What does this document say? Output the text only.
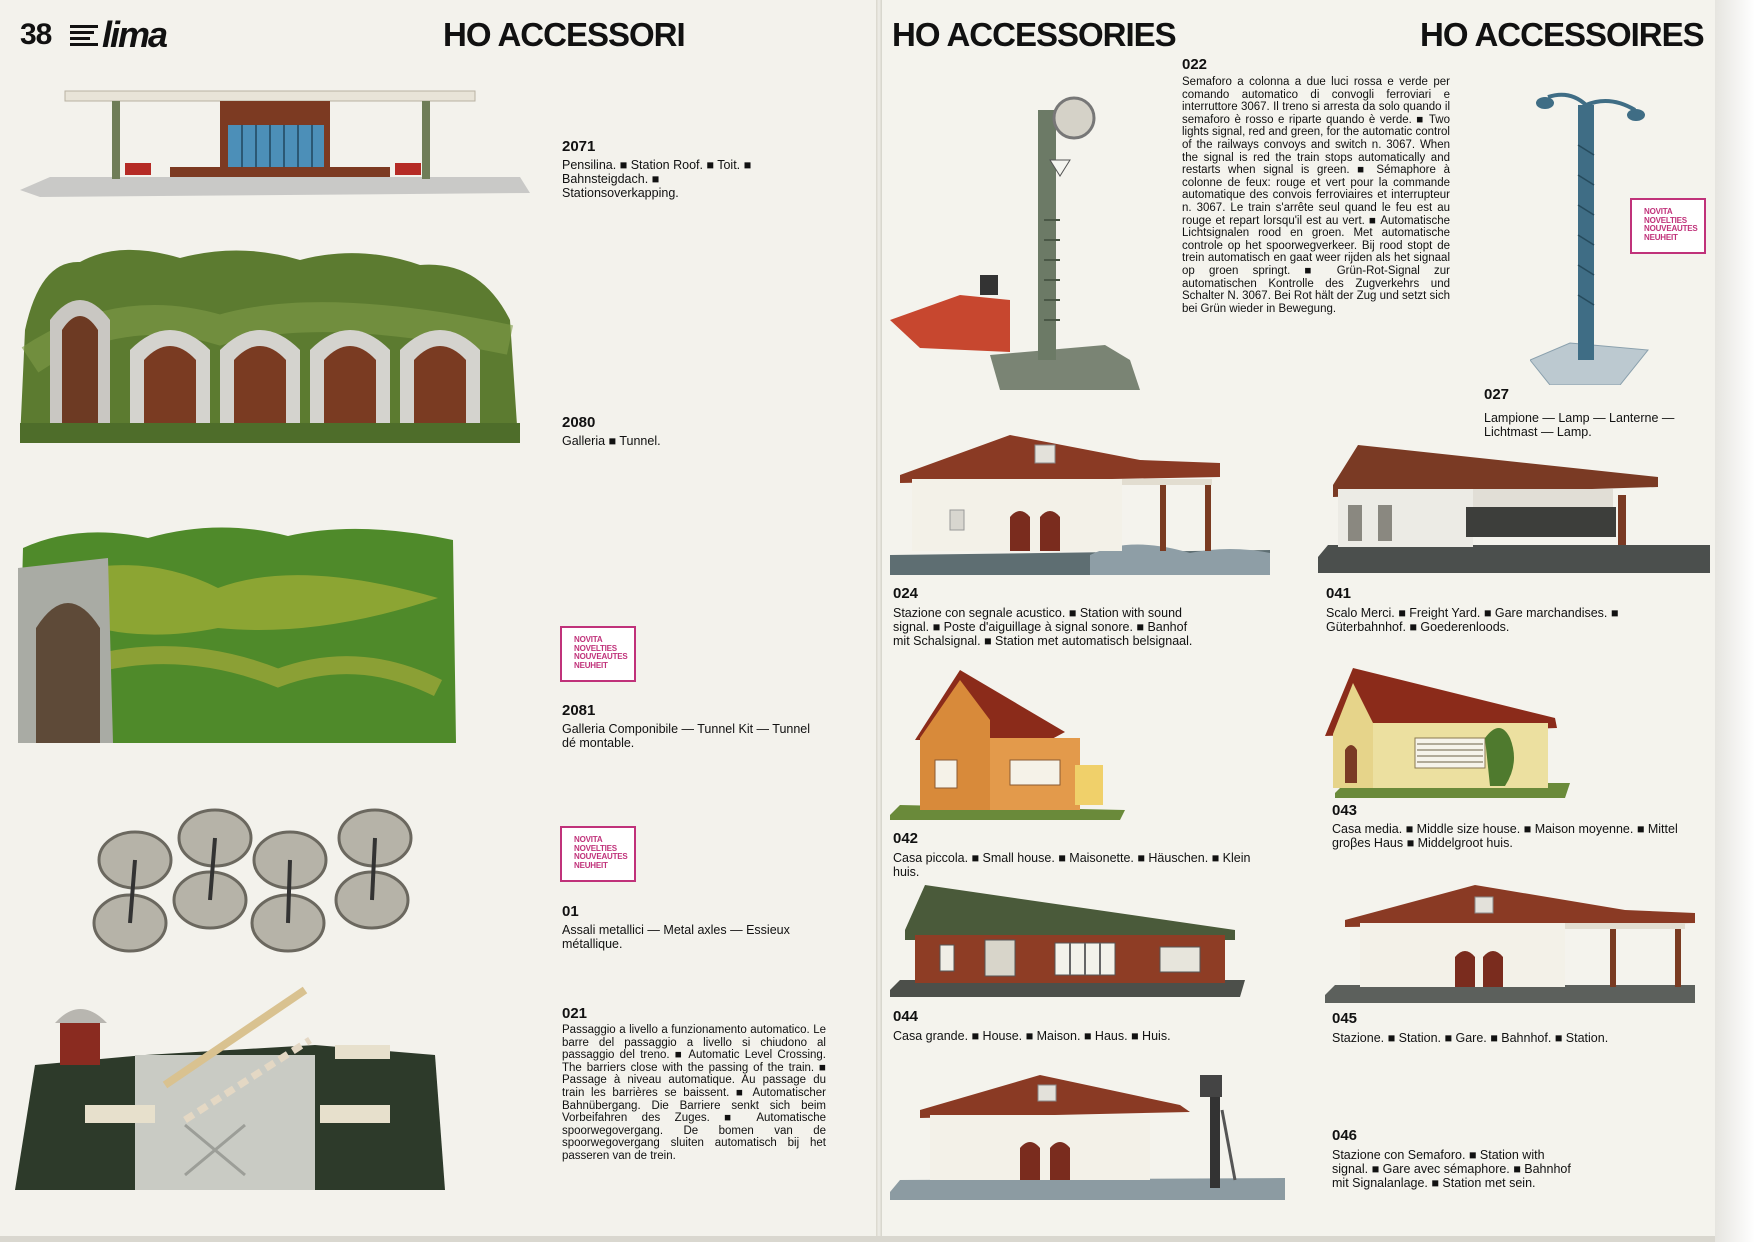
38 lima	HO ACCESSORI	HO ACCESSORIES	HO ACCESSOIRES
2071
Pensilina. ■ Station Roof. ■ Toit. ■ Bahnsteigdach. ■ Stationsoverkapping.
2080
Galleria ■ Tunnel.
NOVITA
NOVELTIES
NOUVEAUTES
NEUHEIT
2081
Galleria Componibile — Tunnel Kit — Tunnel dé montable.
NOVITA
NOVELTIES
NOUVEAUTES
NEUHEIT
01
Assali metallici — Metal axles — Essieux métallique.
021
Passaggio a livello a funzionamento automatico. Le barre del passaggio a livello si chiudono al passaggio del treno. ■ Automatic Level Crossing. The barriers close with the passing of the train. ■ Passage à niveau automatique. Au passage du train les barrières se baissent. ■ Automatischer Bahnübergang. Die Barriere senkt sich beim Vorbeifahren des Zuges. ■ Automatische spoorwegovergang. De bomen van de spoorwegovergang sluiten automatisch bij het passeren van de trein.
022
Semaforo a colonna a due luci rossa e verde per comando automatico di convogli ferroviari e interruttore 3067. Il treno si arresta da solo quando il semaforo è rosso e riparte quando è verde. ■ Two lights signal, red and green, for the automatic control of the railways convoys and switch n. 3067. When the signal is red the train stops automatically and restarts when signal is green. ■ Sémaphore à colonne de feux: rouge et vert pour la commande automatique des convois ferroviaires et interrupteur n. 3067. Le train s'arrête seul quand le feu est au rouge et repart lorsqu'il est au vert. ■ Automatische Lichtsignalen rood en groen. Met automatische controle op het spoorwegverkeer. Bij rood stopt de trein automatisch en gaat weer rijden als het signaal op groen springt. ■ Grün-Rot-Signal zur automatischen Kontrolle des Zugverkehrs und Schalter N. 3067. Bei Rot hält der Zug und setzt sich bei Grün wieder in Bewegung.
NOVITA
NOVELTIES
NOUVEAUTES
NEUHEIT
027
Lampione — Lamp — Lanterne — Lichtmast — Lamp.
024
Stazione con segnale acustico. ■ Station with sound signal. ■ Poste d'aiguillage à signal sonore. ■ Banhof mit Schalsignal. ■ Station met automatisch belsignaal.
041
Scalo Merci. ■ Freight Yard. ■ Gare marchandises. ■ Güterbahnhof. ■ Goederenloods.
042
Casa piccola. ■ Small house. ■ Maisonette. ■ Häuschen. ■ Klein huis.
043
Casa media. ■ Middle size house. ■ Maison moyenne. ■ Mittel groβes Haus ■ Middelgroot huis.
044
Casa grande. ■ House. ■ Maison. ■ Haus. ■ Huis.
045
Stazione. ■ Station. ■ Gare. ■ Bahnhof. ■ Station.
046
Stazione con Semaforo. ■ Station with signal. ■ Gare avec sémaphore. ■ Bahnhof mit Signalanlage. ■ Station met sein.
